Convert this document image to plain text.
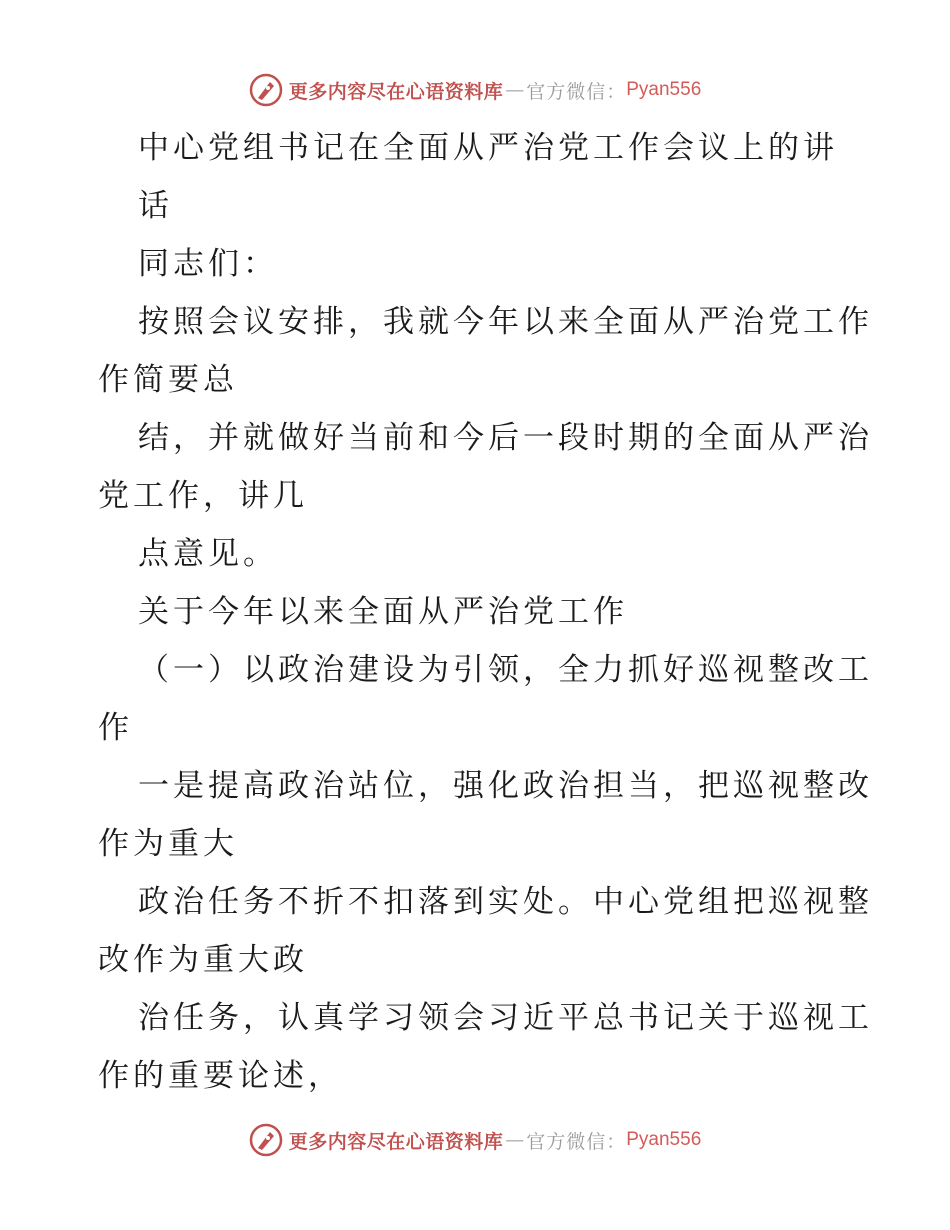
更多内容尽在心语资料库 — 官方微信： Pyan556
中心党组书记在全面从严治党工作会议上的讲
话
同志们：
按照会议安排，我就今年以来全面从严治党工作
作简要总
结，并就做好当前和今后一段时期的全面从严治
党工作，讲几
点意见。
关于今年以来全面从严治党工作
（一）以政治建设为引领，全力抓好巡视整改工
作
一是提高政治站位，强化政治担当，把巡视整改
作为重大
政治任务不折不扣落到实处。中心党组把巡视整
改作为重大政
治任务，认真学习领会习近平总书记关于巡视工
作的重要论述，
更多内容尽在心语资料库 — 官方微信： Pyan556
